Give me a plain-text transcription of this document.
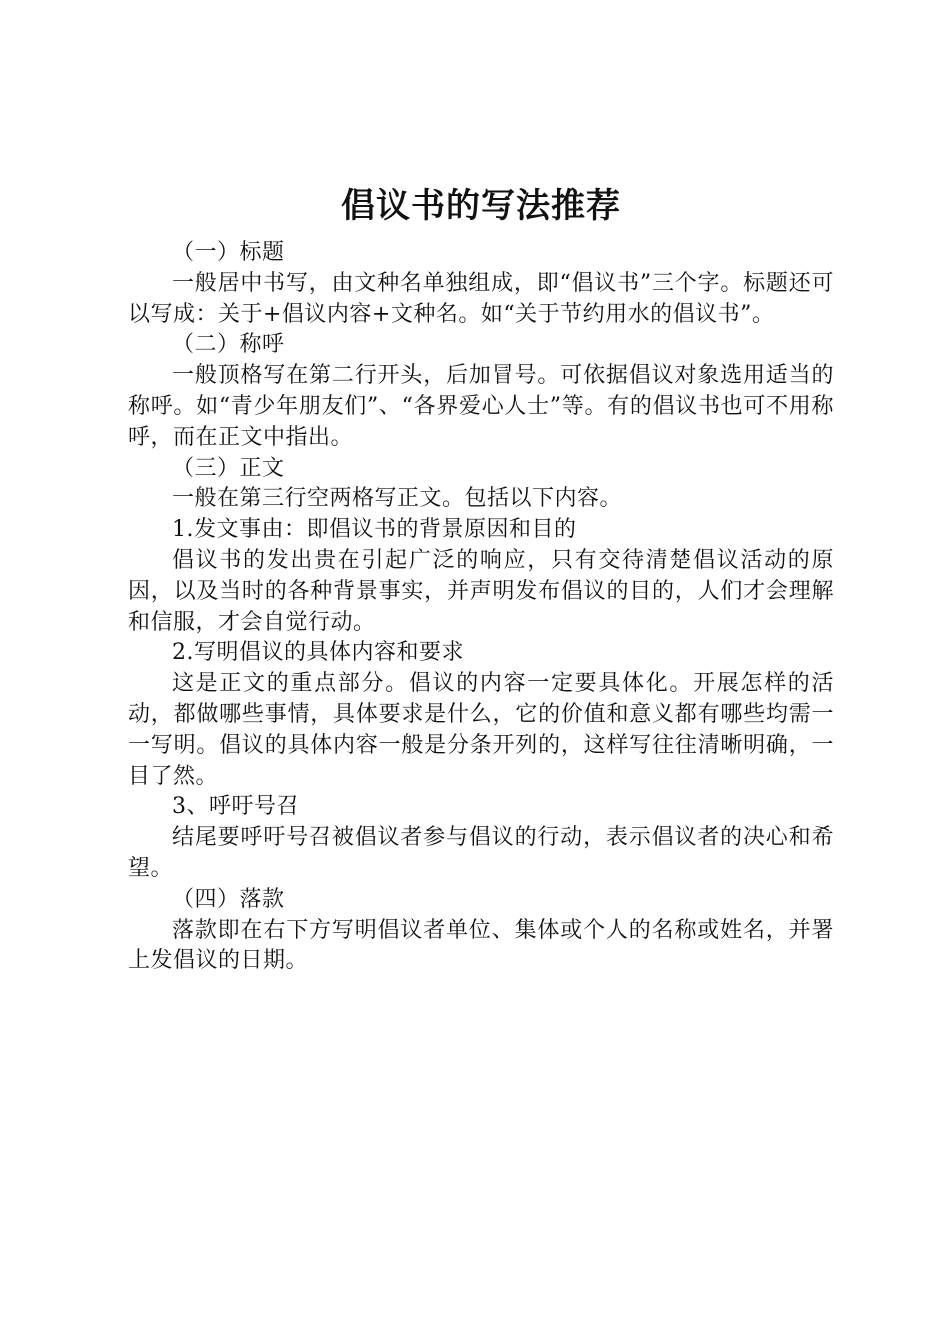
倡议书的写法推荐

（一）标题

一般居中书写，由文种名单独组成，即“倡议书”三个字。标题还可以写成：关于+倡议内容+文种名。如“关于节约用水的倡议书”。

（二）称呼

一般顶格写在第二行开头，后加冒号。可依据倡议对象选用适当的称呼。如“青少年朋友们”、“各界爱心人士”等。有的倡议书也可不用称呼，而在正文中指出。

（三）正文

一般在第三行空两格写正文。包括以下内容。

1.发文事由：即倡议书的背景原因和目的

倡议书的发出贵在引起广泛的响应，只有交待清楚倡议活动的原因，以及当时的各种背景事实，并声明发布倡议的目的，人们才会理解和信服，才会自觉行动。

2.写明倡议的具体内容和要求

这是正文的重点部分。倡议的内容一定要具体化。开展怎样的活动，都做哪些事情，具体要求是什么，它的价值和意义都有哪些均需一一写明。倡议的具体内容一般是分条开列的，这样写往往清晰明确，一目了然。

3、呼吁号召

结尾要呼吁号召被倡议者参与倡议的行动，表示倡议者的决心和希望。

（四）落款

落款即在右下方写明倡议者单位、集体或个人的名称或姓名，并署上发倡议的日期。
